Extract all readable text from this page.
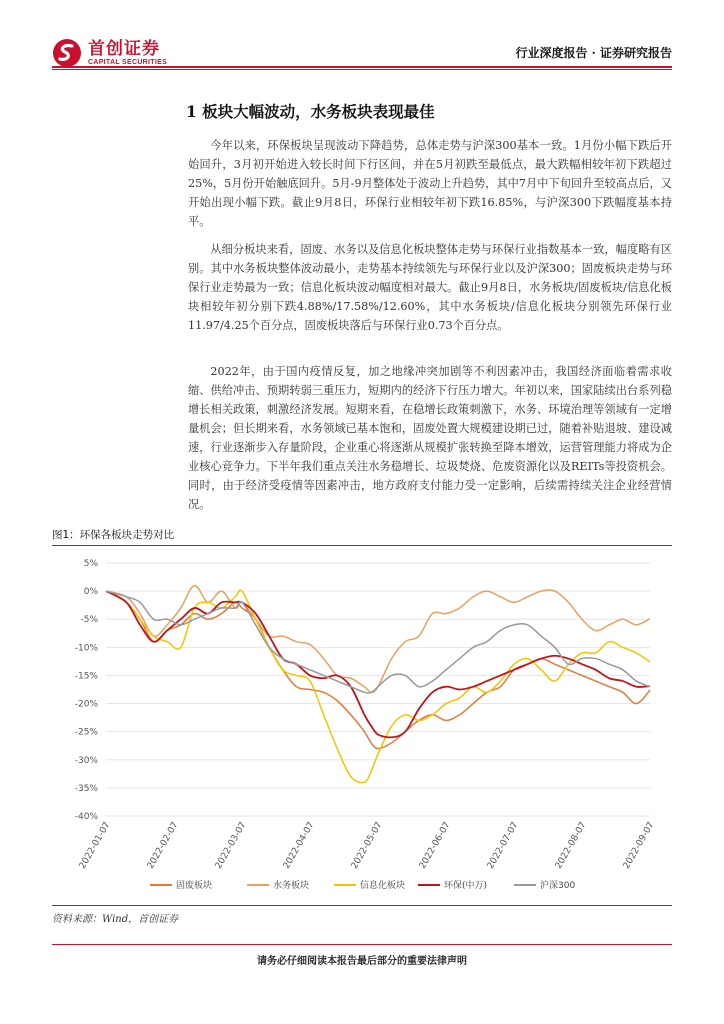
首创证券
CAPITAL SECURITIES
行业深度报告 · 证券研究报告
1 板块大幅波动，水务板块表现最佳

今年以来，环保板块呈现波动下降趋势，总体走势与沪深300基本一致。1月份小幅下跌后开始回升，3月初开始进入较长时间下行区间，并在5月初跌至最低点，最大跌幅相较年初下跌超过25%，5月份开始触底回升。5月-9月整体处于波动上升趋势，其中7月中下旬回升至较高点后，又开始出现小幅下跌。截止9月8日，环保行业相较年初下跌16.85%，与沪深300下跌幅度基本持平。

从细分板块来看，固废、水务以及信息化板块整体走势与环保行业指数基本一致，幅度略有区别。其中水务板块整体波动最小，走势基本持续领先与环保行业以及沪深300；固废板块走势与环保行业走势最为一致；信息化板块波动幅度相对最大。截止9月8日，水务板块/固废板块/信息化板块相较年初分别下跌4.88%/17.58%/12.60%，其中水务板块/信息化板块分别领先环保行业11.97/4.25个百分点，固废板块落后与环保行业0.73个百分点。

2022年，由于国内疫情反复，加之地缘冲突加剧等不利因素冲击，我国经济面临着需求收缩、供给冲击、预期转弱三重压力，短期内的经济下行压力增大。年初以来，国家陆续出台系列稳增长相关政策，刺激经济发展。短期来看，在稳增长政策刺激下，水务、环境治理等领域有一定增量机会；但长期来看，水务领域已基本饱和，固废处置大规模建设期已过，随着补贴退坡、建设减速，行业逐渐步入存量阶段，企业重心将逐渐从规模扩张转换至降本增效，运营管理能力将成为企业核心竞争力。下半年我们重点关注水务稳增长、垃圾焚烧、危废资源化以及REITs等投资机会。同时，由于经济受疫情等因素冲击，地方政府支付能力受一定影响，后续需持续关注企业经营情况。

图1：环保各板块走势对比
5%
0%
-5%
-10%
-15%
-20%
-25%
-30%
-35%
-40%
2022-01-07	2022-02-07	2022-03-07	2022-04-07	2022-05-07	2022-06-07	2022-07-07	2022-08-07	2022-09-07
固废板块	水务板块	信息化板块	环保(中万)	沪深300
资料来源：Wind，首创证券
请务必仔细阅读本报告最后部分的重要法律声明
